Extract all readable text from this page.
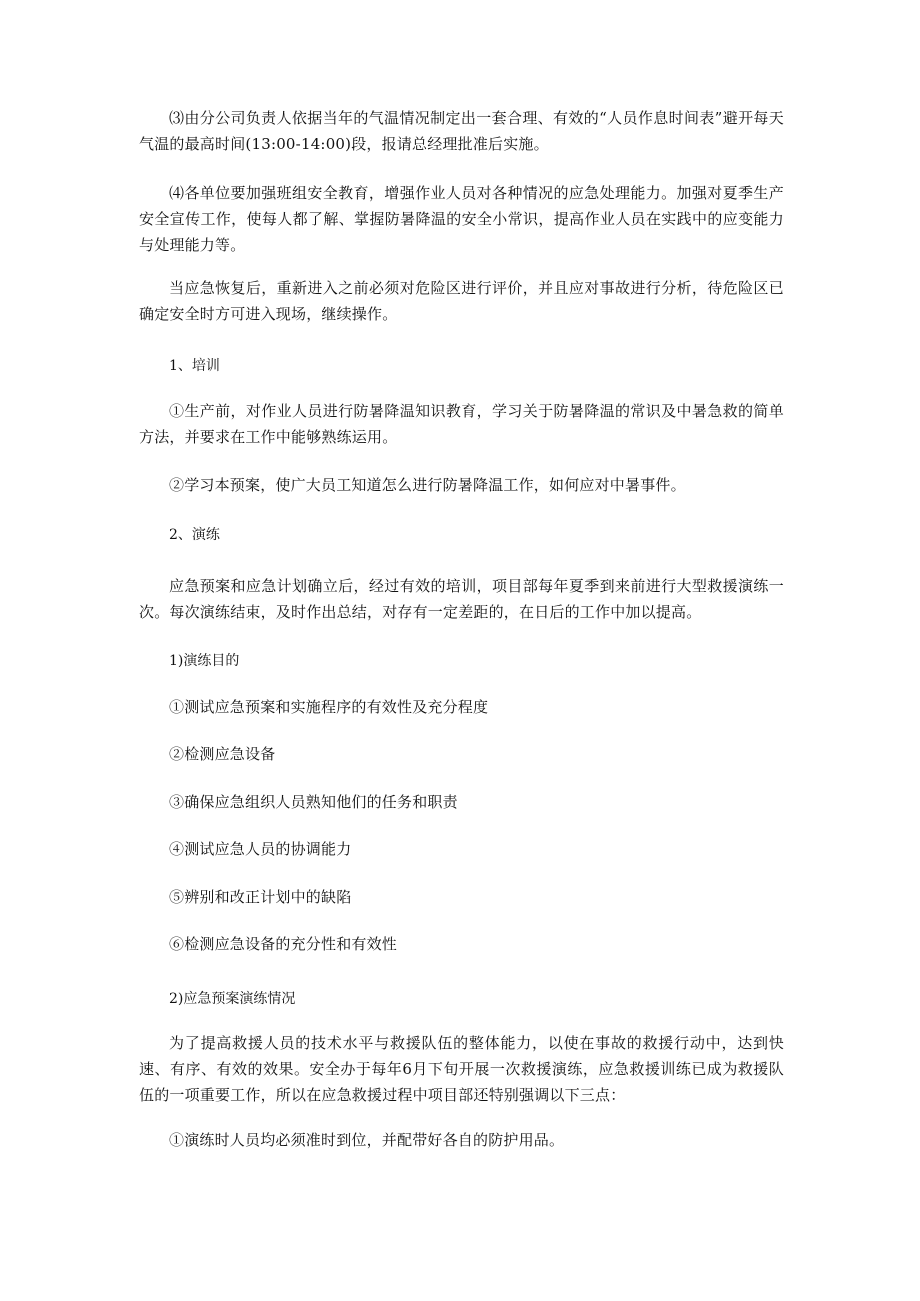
⑶由分公司负责人依据当年的气温情况制定出一套合理、有效的“人员作息时间表”避开每天气温的最高时间(13:00-14:00)段，报请总经理批准后实施。

⑷各单位要加强班组安全教育，增强作业人员对各种情况的应急处理能力。加强对夏季生产安全宣传工作，使每人都了解、掌握防暑降温的安全小常识，提高作业人员在实践中的应变能力与处理能力等。

当应急恢复后，重新进入之前必须对危险区进行评价，并且应对事故进行分析，待危险区已确定安全时方可进入现场，继续操作。

1、培训

①生产前，对作业人员进行防暑降温知识教育，学习关于防暑降温的常识及中暑急救的简单方法，并要求在工作中能够熟练运用。

②学习本预案，使广大员工知道怎么进行防暑降温工作，如何应对中暑事件。

2、演练

应急预案和应急计划确立后，经过有效的培训，项目部每年夏季到来前进行大型救援演练一次。每次演练结束，及时作出总结，对存有一定差距的，在日后的工作中加以提高。

1)演练目的

①测试应急预案和实施程序的有效性及充分程度

②检测应急设备

③确保应急组织人员熟知他们的任务和职责

④测试应急人员的协调能力

⑤辨别和改正计划中的缺陷

⑥检测应急设备的充分性和有效性

2)应急预案演练情况

为了提高救援人员的技术水平与救援队伍的整体能力，以使在事故的救援行动中，达到快速、有序、有效的效果。安全办于每年6月下旬开展一次救援演练，应急救援训练已成为救援队伍的一项重要工作，所以在应急救援过程中项目部还特别强调以下三点：

①演练时人员均必须准时到位，并配带好各自的防护用品。
